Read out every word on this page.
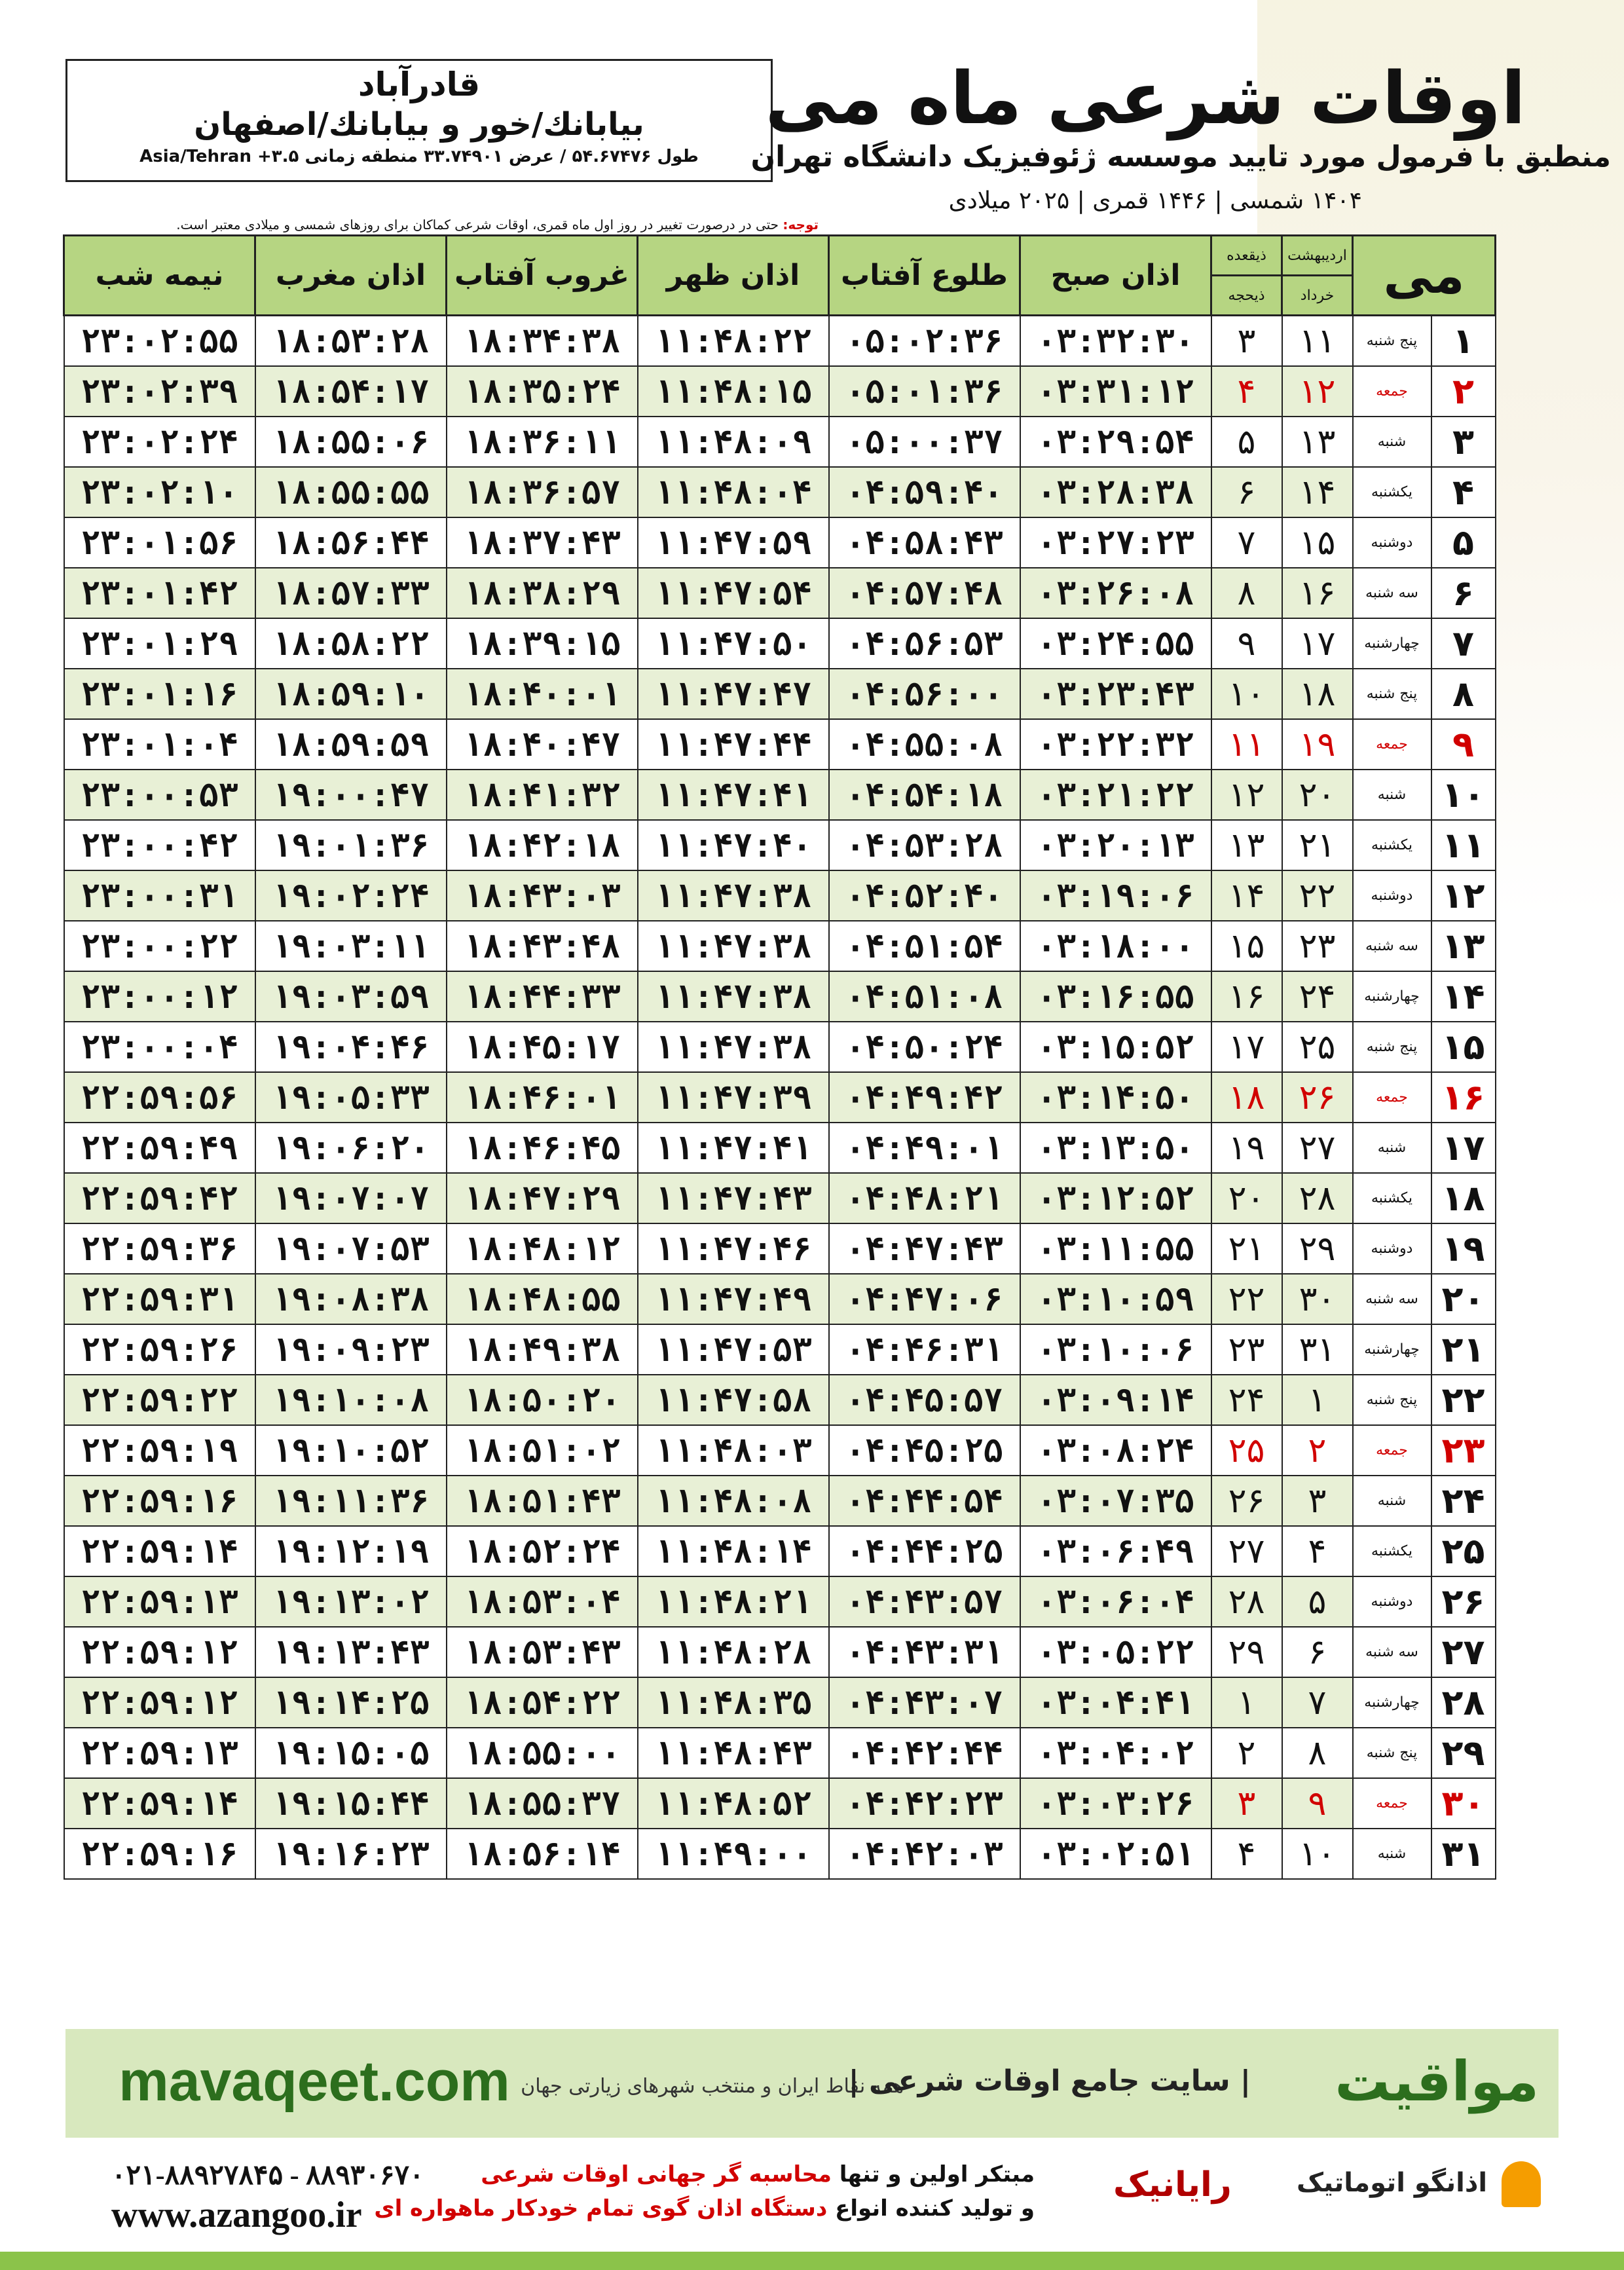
قادرآباد
بیابانك/خور و بیابانك/اصفهان
طول ۵۴.۶۷۴۷۶ / عرض ۳۳.۷۴۹۰۱ منطقه زمانی ۳.۵+ Asia/Tehran
اوقات شرعی ماه می
منطبق با فرمول مورد تایید موسسه ژئوفیزیک دانشگاه تهران
۱۴۰۴ شمسی | ۱۴۴۶ قمری | ۲۰۲۵ میلادی
توجه: حتی در درصورت تغییر در روز اول ماه قمری، اوقات شرعی کماکان برای روزهای شمسی و میلادی معتبر است.
می		اردیبهشت	ذیقعده	اذان صبح	طلوع آفتاب	اذان ظهر	غروب آفتاب	اذان مغرب	نیمه شب
		خرداد	ذیحجه						
۱	پنج شنبه	۱۱	۳	۰۳:۳۲:۳۰	۰۵:۰۲:۳۶	۱۱:۴۸:۲۲	۱۸:۳۴:۳۸	۱۸:۵۳:۲۸	۲۳:۰۲:۵۵
۲	جمعه	۱۲	۴	۰۳:۳۱:۱۲	۰۵:۰۱:۳۶	۱۱:۴۸:۱۵	۱۸:۳۵:۲۴	۱۸:۵۴:۱۷	۲۳:۰۲:۳۹
۳	شنبه	۱۳	۵	۰۳:۲۹:۵۴	۰۵:۰۰:۳۷	۱۱:۴۸:۰۹	۱۸:۳۶:۱۱	۱۸:۵۵:۰۶	۲۳:۰۲:۲۴
۴	یکشنبه	۱۴	۶	۰۳:۲۸:۳۸	۰۴:۵۹:۴۰	۱۱:۴۸:۰۴	۱۸:۳۶:۵۷	۱۸:۵۵:۵۵	۲۳:۰۲:۱۰
۵	دوشنبه	۱۵	۷	۰۳:۲۷:۲۳	۰۴:۵۸:۴۳	۱۱:۴۷:۵۹	۱۸:۳۷:۴۳	۱۸:۵۶:۴۴	۲۳:۰۱:۵۶
۶	سه شنبه	۱۶	۸	۰۳:۲۶:۰۸	۰۴:۵۷:۴۸	۱۱:۴۷:۵۴	۱۸:۳۸:۲۹	۱۸:۵۷:۳۳	۲۳:۰۱:۴۲
۷	چهارشنبه	۱۷	۹	۰۳:۲۴:۵۵	۰۴:۵۶:۵۳	۱۱:۴۷:۵۰	۱۸:۳۹:۱۵	۱۸:۵۸:۲۲	۲۳:۰۱:۲۹
۸	پنج شنبه	۱۸	۱۰	۰۳:۲۳:۴۳	۰۴:۵۶:۰۰	۱۱:۴۷:۴۷	۱۸:۴۰:۰۱	۱۸:۵۹:۱۰	۲۳:۰۱:۱۶
۹	جمعه	۱۹	۱۱	۰۳:۲۲:۳۲	۰۴:۵۵:۰۸	۱۱:۴۷:۴۴	۱۸:۴۰:۴۷	۱۸:۵۹:۵۹	۲۳:۰۱:۰۴
۱۰	شنبه	۲۰	۱۲	۰۳:۲۱:۲۲	۰۴:۵۴:۱۸	۱۱:۴۷:۴۱	۱۸:۴۱:۳۲	۱۹:۰۰:۴۷	۲۳:۰۰:۵۳
۱۱	یکشنبه	۲۱	۱۳	۰۳:۲۰:۱۳	۰۴:۵۳:۲۸	۱۱:۴۷:۴۰	۱۸:۴۲:۱۸	۱۹:۰۱:۳۶	۲۳:۰۰:۴۲
۱۲	دوشنبه	۲۲	۱۴	۰۳:۱۹:۰۶	۰۴:۵۲:۴۰	۱۱:۴۷:۳۸	۱۸:۴۳:۰۳	۱۹:۰۲:۲۴	۲۳:۰۰:۳۱
۱۳	سه شنبه	۲۳	۱۵	۰۳:۱۸:۰۰	۰۴:۵۱:۵۴	۱۱:۴۷:۳۸	۱۸:۴۳:۴۸	۱۹:۰۳:۱۱	۲۳:۰۰:۲۲
۱۴	چهارشنبه	۲۴	۱۶	۰۳:۱۶:۵۵	۰۴:۵۱:۰۸	۱۱:۴۷:۳۸	۱۸:۴۴:۳۳	۱۹:۰۳:۵۹	۲۳:۰۰:۱۲
۱۵	پنج شنبه	۲۵	۱۷	۰۳:۱۵:۵۲	۰۴:۵۰:۲۴	۱۱:۴۷:۳۸	۱۸:۴۵:۱۷	۱۹:۰۴:۴۶	۲۳:۰۰:۰۴
۱۶	جمعه	۲۶	۱۸	۰۳:۱۴:۵۰	۰۴:۴۹:۴۲	۱۱:۴۷:۳۹	۱۸:۴۶:۰۱	۱۹:۰۵:۳۳	۲۲:۵۹:۵۶
۱۷	شنبه	۲۷	۱۹	۰۳:۱۳:۵۰	۰۴:۴۹:۰۱	۱۱:۴۷:۴۱	۱۸:۴۶:۴۵	۱۹:۰۶:۲۰	۲۲:۵۹:۴۹
۱۸	یکشنبه	۲۸	۲۰	۰۳:۱۲:۵۲	۰۴:۴۸:۲۱	۱۱:۴۷:۴۳	۱۸:۴۷:۲۹	۱۹:۰۷:۰۷	۲۲:۵۹:۴۲
۱۹	دوشنبه	۲۹	۲۱	۰۳:۱۱:۵۵	۰۴:۴۷:۴۳	۱۱:۴۷:۴۶	۱۸:۴۸:۱۲	۱۹:۰۷:۵۳	۲۲:۵۹:۳۶
۲۰	سه شنبه	۳۰	۲۲	۰۳:۱۰:۵۹	۰۴:۴۷:۰۶	۱۱:۴۷:۴۹	۱۸:۴۸:۵۵	۱۹:۰۸:۳۸	۲۲:۵۹:۳۱
۲۱	چهارشنبه	۳۱	۲۳	۰۳:۱۰:۰۶	۰۴:۴۶:۳۱	۱۱:۴۷:۵۳	۱۸:۴۹:۳۸	۱۹:۰۹:۲۳	۲۲:۵۹:۲۶
۲۲	پنج شنبه	۱	۲۴	۰۳:۰۹:۱۴	۰۴:۴۵:۵۷	۱۱:۴۷:۵۸	۱۸:۵۰:۲۰	۱۹:۱۰:۰۸	۲۲:۵۹:۲۲
۲۳	جمعه	۲	۲۵	۰۳:۰۸:۲۴	۰۴:۴۵:۲۵	۱۱:۴۸:۰۳	۱۸:۵۱:۰۲	۱۹:۱۰:۵۲	۲۲:۵۹:۱۹
۲۴	شنبه	۳	۲۶	۰۳:۰۷:۳۵	۰۴:۴۴:۵۴	۱۱:۴۸:۰۸	۱۸:۵۱:۴۳	۱۹:۱۱:۳۶	۲۲:۵۹:۱۶
۲۵	یکشنبه	۴	۲۷	۰۳:۰۶:۴۹	۰۴:۴۴:۲۵	۱۱:۴۸:۱۴	۱۸:۵۲:۲۴	۱۹:۱۲:۱۹	۲۲:۵۹:۱۴
۲۶	دوشنبه	۵	۲۸	۰۳:۰۶:۰۴	۰۴:۴۳:۵۷	۱۱:۴۸:۲۱	۱۸:۵۳:۰۴	۱۹:۱۳:۰۲	۲۲:۵۹:۱۳
۲۷	سه شنبه	۶	۲۹	۰۳:۰۵:۲۲	۰۴:۴۳:۳۱	۱۱:۴۸:۲۸	۱۸:۵۳:۴۳	۱۹:۱۳:۴۳	۲۲:۵۹:۱۲
۲۸	چهارشنبه	۷	۱	۰۳:۰۴:۴۱	۰۴:۴۳:۰۷	۱۱:۴۸:۳۵	۱۸:۵۴:۲۲	۱۹:۱۴:۲۵	۲۲:۵۹:۱۲
۲۹	پنج شنبه	۸	۲	۰۳:۰۴:۰۲	۰۴:۴۲:۴۴	۱۱:۴۸:۴۳	۱۸:۵۵:۰۰	۱۹:۱۵:۰۵	۲۲:۵۹:۱۳
۳۰	جمعه	۹	۳	۰۳:۰۳:۲۶	۰۴:۴۲:۲۳	۱۱:۴۸:۵۲	۱۸:۵۵:۳۷	۱۹:۱۵:۴۴	۲۲:۵۹:۱۴
۳۱	شنبه	۱۰	۴	۰۳:۰۲:۵۱	۰۴:۴۲:۰۳	۱۱:۴۹:۰۰	۱۸:۵۶:۱۴	۱۹:۱۶:۲۳	۲۲:۵۹:۱۶
mavaqeet.com همه نقاط ایران و منتخب شهرهای زیارتی جهان
| سایت جامع اوقات شرعی | مواقیت
۰۲۱-۸۸۹۲۷۸۴۵ - ۸۸۹۳۰۶۷۰
www.azangoo.ir
مبتکر اولین و تنها محاسبه گر جهانی اوقات شرعی
و تولید کننده انواع دستگاه اذان گوی تمام خودکار ماهواره ای
رایانیک اذانگو اتوماتیک
